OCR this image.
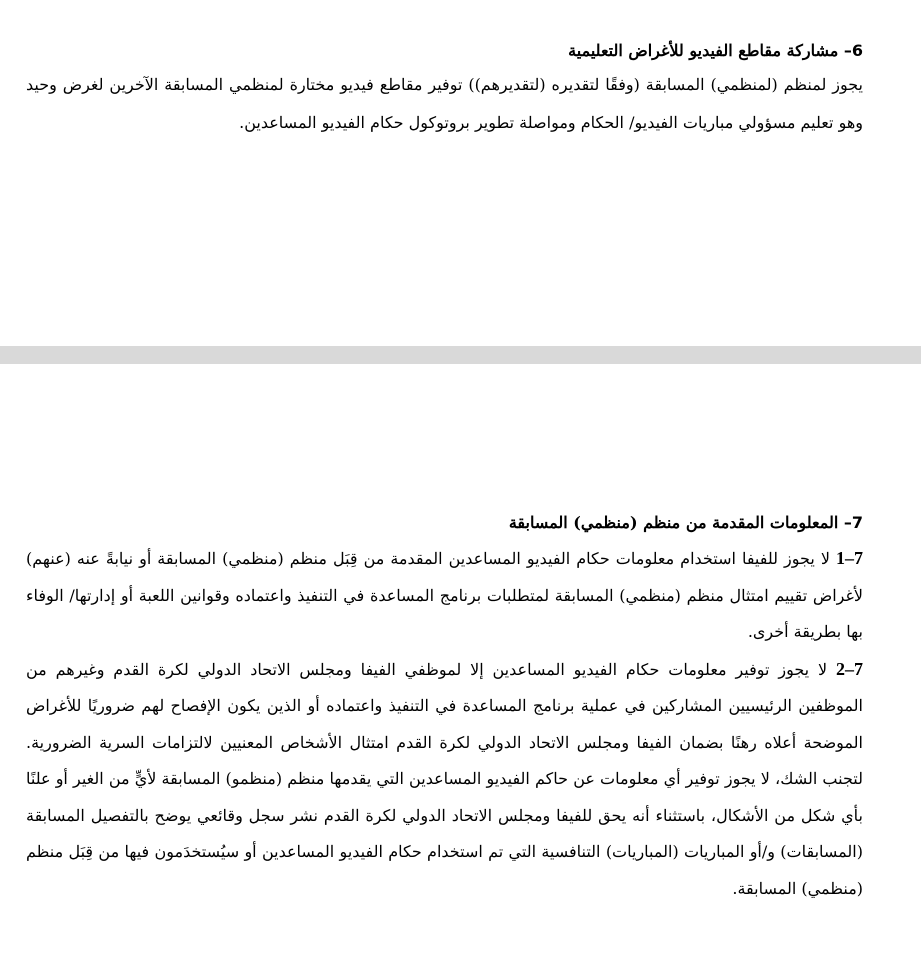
6– مشاركة مقاطع الفيديو للأغراض التعليمية

يجوز لمنظم (لمنظمي) المسابقة (وفقًا لتقديره (لتقديرهم)) توفير مقاطع فيديو مختارة لمنظمي المسابقة الآخرين لغرض وحيد وهو تعليم مسؤولي مباريات الفيديو/ الحكام ومواصلة تطوير بروتوكول حكام الفيديو المساعدين.

7– المعلومات المقدمة من منظم (منظمي) المسابقة

7–1 لا يجوز للفيفا استخدام معلومات حكام الفيديو المساعدين المقدمة من قِبَل منظم (منظمي) المسابقة أو نيابةً عنه (عنهم) لأغراض تقييم امتثال منظم (منظمي) المسابقة لمتطلبات برنامج المساعدة في التنفيذ واعتماده وقوانين اللعبة أو إدارتها/ الوفاء بها بطريقة أخرى.

7–2 لا يجوز توفير معلومات حكام الفيديو المساعدين إلا لموظفي الفيفا ومجلس الاتحاد الدولي لكرة القدم وغيرهم من الموظفين الرئيسيين المشاركين في عملية برنامج المساعدة في التنفيذ واعتماده أو الذين يكون الإفصاح لهم ضروريًا للأغراض الموضحة أعلاه رهنًا بضمان الفيفا ومجلس الاتحاد الدولي لكرة القدم امتثال الأشخاص المعنيين لالتزامات السرية الضرورية. لتجنب الشك، لا يجوز توفير أي معلومات عن حاكم الفيديو المساعدين التي يقدمها منظم (منظمو) المسابقة لأيٍّ من الغير أو علنًا بأي شكل من الأشكال، باستثناء أنه يحق للفيفا ومجلس الاتحاد الدولي لكرة القدم نشر سجل وقائعي يوضح بالتفصيل المسابقة (المسابقات) و/أو المباريات (المباريات) التنافسية التي تم استخدام حكام الفيديو المساعدين أو سيُستخدَمون فيها من قِبَل منظم (منظمي) المسابقة.
